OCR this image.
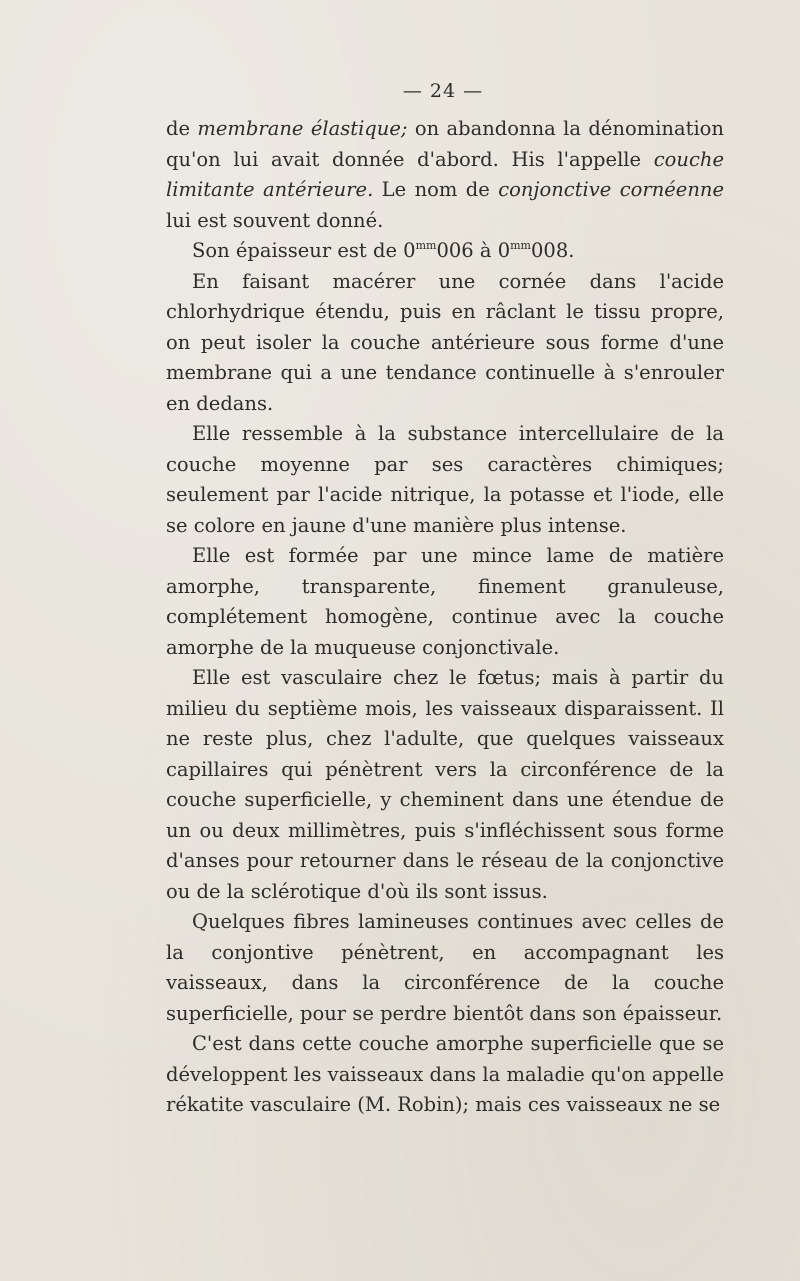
— 24 —

de membrane élastique; on abandonna la dénomination qu'on lui avait donnée d'abord. His l'appelle couche limitante antérieure. Le nom de conjonctive cornéenne lui est souvent donné.

Son épaisseur est de $0^{mm}006$ à $0^{mm}008$.

En faisant macérer une cornée dans l'acide chlorhydrique étendu, puis en râclant le tissu propre, on peut isoler la couche antérieure sous forme d'une membrane qui a une tendance continuelle à s'enrouler en dedans.

Elle ressemble à la substance intercellulaire de la couche moyenne par ses caractères chimiques; seulement par l'acide nitrique, la potasse et l'iode, elle se colore en jaune d'une manière plus intense.

Elle est formée par une mince lame de matière amorphe, transparente, finement granuleuse, complétement homogène, continue avec la couche amorphe de la muqueuse conjonctivale.

Elle est vasculaire chez le fœtus; mais à partir du milieu du septième mois, les vaisseaux disparaissent. Il ne reste plus, chez l'adulte, que quelques vaisseaux capillaires qui pénètrent vers la circonférence de la couche superficielle, y cheminent dans une étendue de un ou deux millimètres, puis s'infléchissent sous forme d'anses pour retourner dans le réseau de la conjonctive ou de la sclérotique d'où ils sont issus.

Quelques fibres lamineuses continues avec celles de la conjontive pénètrent, en accompagnant les vaisseaux, dans la circonférence de la couche superficielle, pour se perdre bientôt dans son épaisseur.

C'est dans cette couche amorphe superficielle que se développent les vaisseaux dans la maladie qu'on appelle rékatite vasculaire (M. Robin); mais ces vaisseaux ne se
